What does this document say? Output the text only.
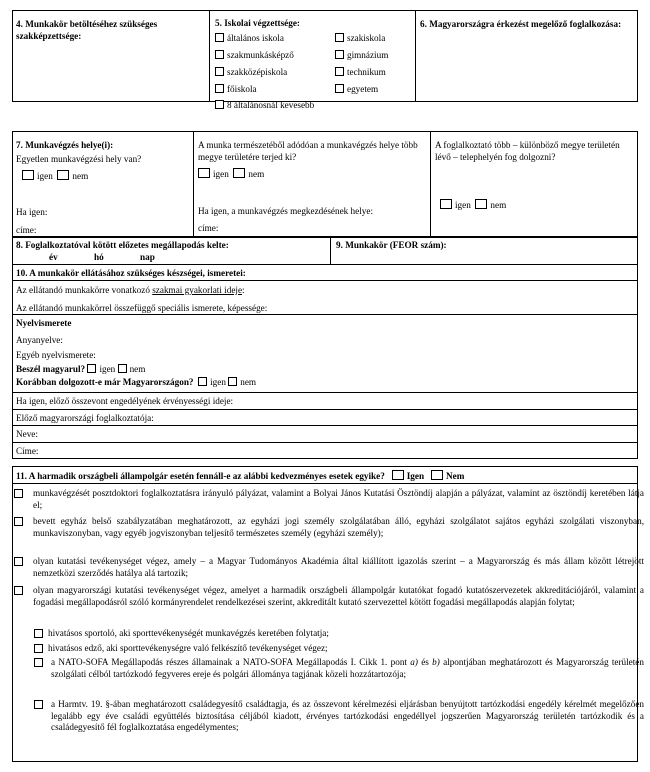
4. Munkakör betöltéséhez szükséges szakképzettsége:
5. Iskolai végzettsége:
általános iskola
szakmunkásképző
szakközépiskola
főiskola
szakiskola
gimnázium
technikum
egyetem
8 általánosnál kevesebb
6. Magyarországra érkezést megelőző foglalkozása:
7. Munkavégzés helye(i):
Egyetlen munkavégzési hely van?
igen nem
Ha igen:
címe:
A munka természetéből adódóan a munkavégzés helye több megye területére terjed ki?
igen nem
Ha igen, a munkavégzés megkezdésének helye:
címe:
A foglalkoztató több – különböző megye területén lévő – telephelyén fog dolgozni?
igen nem
8. Foglalkoztatóval kötött előzetes megállapodás kelte:
év	hó	nap
9. Munkakör (FEOR szám):
10. A munkakör ellátásához szükséges készségei, ismeretei:
Az ellátandó munkakörre vonatkozó szakmai gyakorlati ideje:
Az ellátandó munkakörrel összefüggő speciális ismerete, képessége:
Nyelvismerete
Anyanyelve:
Egyéb nyelvismerete:
Beszél magyarul? igen nem
Korábban dolgozott-e már Magyarországon? igen nem
Ha igen, előző összevont engedélyének érvényességi ideje:
Előző magyarországi foglalkoztatója:
Neve:
Címe:
11. A harmadik országbeli állampolgár esetén fennáll-e az alábbi kedvezményes esetek egyike? Igen Nem
munkavégzését posztdoktori foglalkoztatásra irányuló pályázat, valamint a Bolyai János Kutatási Ösztöndíj alapján a pályázat, valamint az ösztöndíj keretében látja el;
bevett egyház belső szabályzatában meghatározott, az egyházi jogi személy szolgálatában álló, egyházi szolgálatot sajátos egyházi szolgálati viszonyban, munkaviszonyban, vagy egyéb jogviszonyban teljesítő természetes személy (egyházi személy);
olyan kutatási tevékenységet végez, amely – a Magyar Tudományos Akadémia által kiállított igazolás szerint – a Magyarország és más állam között létrejött nemzetközi szerződés hatálya alá tartozik;
olyan magyarországi kutatási tevékenységet végez, amelyet a harmadik országbeli állampolgár kutatókat fogadó kutatószervezetek akkreditációjáról, valamint a fogadási megállapodásról szóló kormányrendelet rendelkezései szerint, akkreditált kutató szervezettel kötött fogadási megállapodás alapján folytat;
hivatásos sportoló, aki sporttevékenységét munkavégzés keretében folytatja;
hivatásos edző, aki sporttevékenységre való felkészítő tevékenységet végez;
a NATO-SOFA Megállapodás részes államainak a NATO-SOFA Megállapodás I. Cikk 1. pont a) és b) alpontjában meghatározott és Magyarország területén szolgálati célból tartózkodó fegyveres ereje és polgári állománya tagjának közeli hozzátartozója;
a Harmtv. 19. §-ában meghatározott családegyesítő családtagja, és az összevont kérelmezési eljárásban benyújtott tartózkodási engedély kérelmét megelőzően legalább egy éve családi együttélés biztosítása céljából kiadott, érvényes tartózkodási engedéllyel jogszerűen Magyarország területén tartózkodik és a családegyesítő fél foglalkoztatása engedélymentes;
